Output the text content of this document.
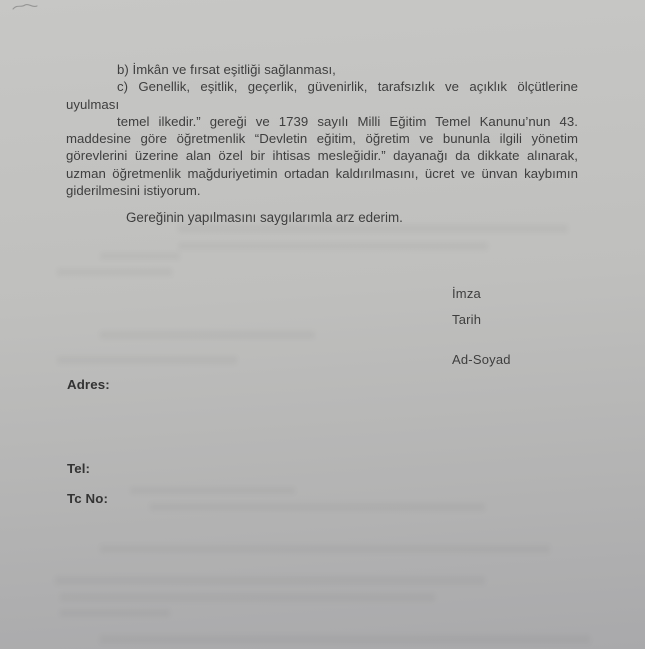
b) İmkân ve fırsat eşitliği sağlanması,
c) Genellik, eşitlik, geçerlik, güvenirlik, tarafsızlık ve açıklık ölçütlerine
uyulması
temel ilkedir.” gereği ve 1739 sayılı Milli Eğitim Temel Kanunu’nun 43.
maddesine göre öğretmenlik “Devletin eğitim, öğretim ve bununla ilgili yönetim
görevlerini üzerine alan özel bir ihtisas mesleğidir.” dayanağı da dikkate alınarak,
uzman öğretmenlik mağduriyetimin ortadan kaldırılmasını, ücret ve ünvan kaybımın
giderilmesini istiyorum.
Gereğinin yapılmasını saygılarımla arz ederim.
İmza
Tarih
Ad-Soyad
Adres:
Tel:
Tc No:
